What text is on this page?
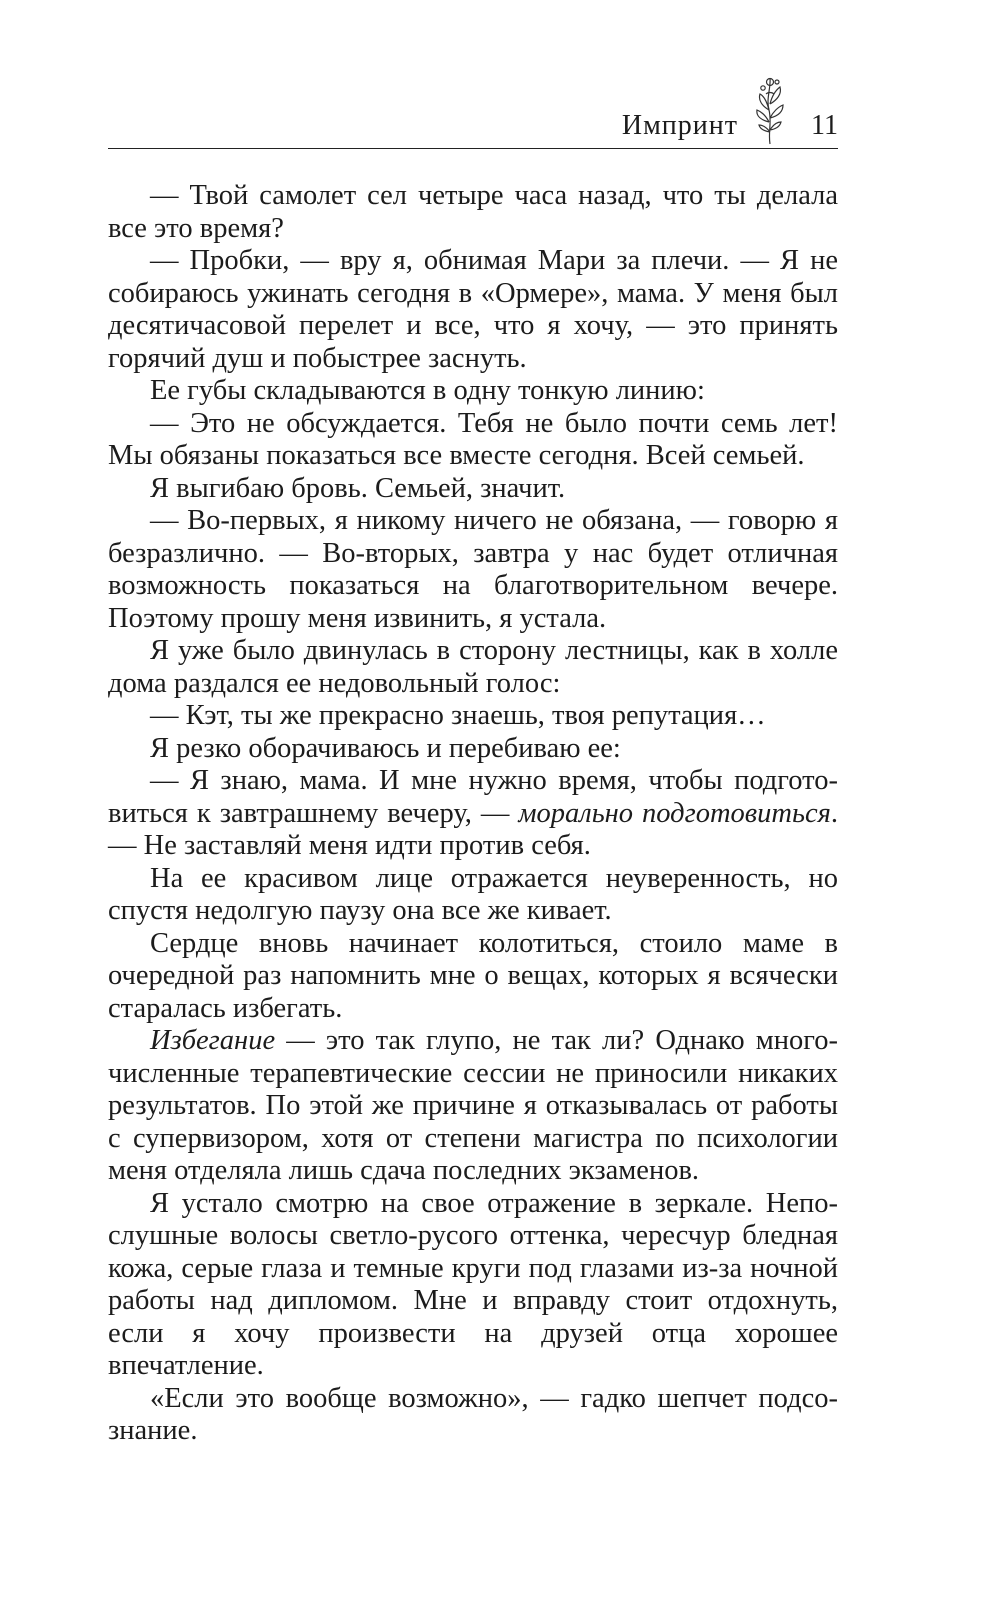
Импринт	11

— Твой самолет сел четыре часа назад, что ты делала все это время?

— Пробки, — вру я, обнимая Мари за плечи. — Я не собираюсь ужинать сегодня в «Ормере», мама. У меня был десятичасовой перелет и все, что я хочу, — это принять горячий душ и побыстрее заснуть.

Ее губы складываются в одну тонкую линию:

— Это не обсуждается. Тебя не было почти семь лет! Мы обязаны показаться все вместе сегодня. Всей семьей.

Я выгибаю бровь. Семьей, значит.

— Во-первых, я никому ничего не обязана, — говорю я безразлично. — Во-вторых, завтра у нас будет отличная возможность показаться на благотворительном вечере. Поэтому прошу меня извинить, я устала.

Я уже было двинулась в сторону лестницы, как в холле дома раздался ее недовольный голос:

— Кэт, ты же прекрасно знаешь, твоя репутация…

Я резко оборачиваюсь и перебиваю ее:

— Я знаю, мама. И мне нужно время, чтобы подготовиться к завтрашнему вечеру, — морально подготовиться. — Не заставляй меня идти против себя.

На ее красивом лице отражается неуверенность, но спустя недолгую паузу она все же кивает.

Сердце вновь начинает колотиться, стоило маме в очередной раз напомнить мне о вещах, которых я всячески старалась избегать.

Избегание — это так глупо, не так ли? Однако многочисленные терапевтические сессии не приносили никаких результатов. По этой же причине я отказывалась от работы с супервизором, хотя от степени магистра по психологии меня отделяла лишь сдача последних экзаменов.

Я устало смотрю на свое отражение в зеркале. Непослушные волосы светло-русого оттенка, чересчур бледная кожа, серые глаза и темные круги под глазами из-за ночной работы над дипломом. Мне и вправду стоит отдохнуть, если я хочу произвести на друзей отца хорошее впечатление.

«Если это вообще возможно», — гадко шепчет подсознание.
